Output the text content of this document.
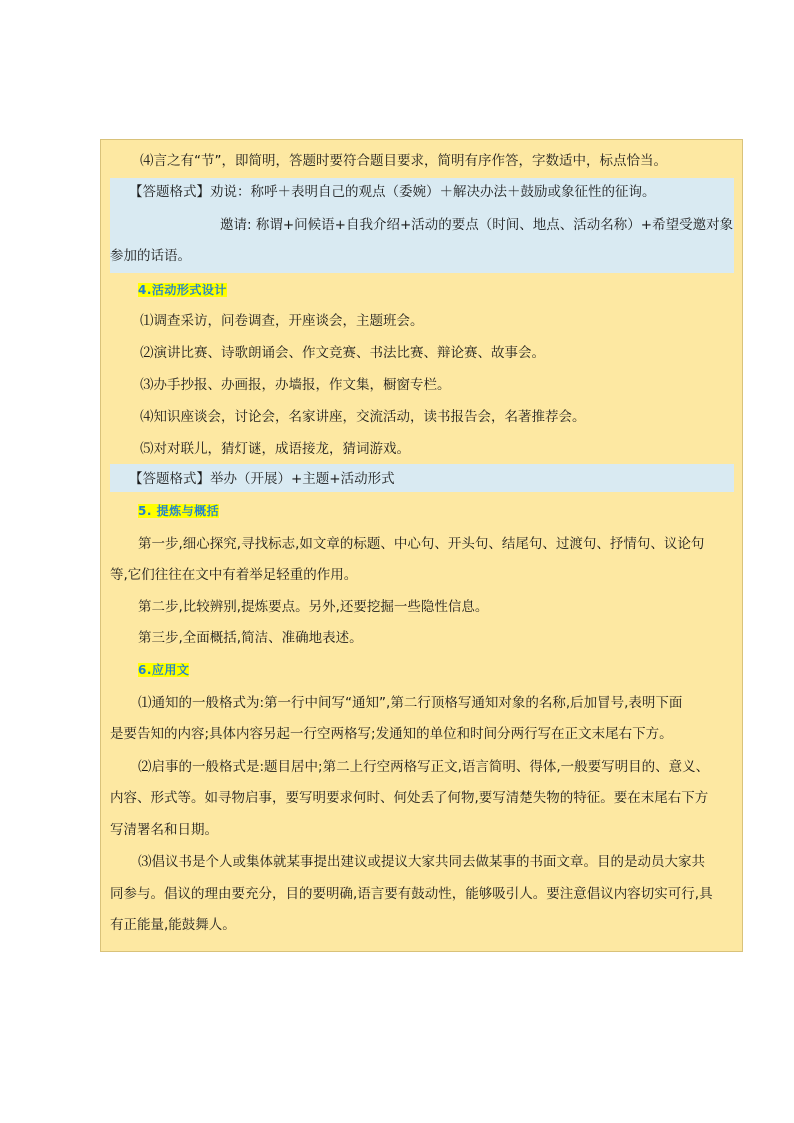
⑷言之有“节”，即简明，答题时要符合题目要求，简明有序作答，字数适中，标点恰当。
【答题格式】劝说：称呼＋表明自己的观点（委婉）＋解决办法＋鼓励或象征性的征询。
邀请: 称谓+问候语+自我介绍+活动的要点（时间、地点、活动名称）+希望受邀对象
参加的话语。
4.活动形式设计
⑴调查采访，问卷调查，开座谈会，主题班会。
⑵演讲比赛、诗歌朗诵会、作文竞赛、书法比赛、辩论赛、故事会。
⑶办手抄报、办画报，办墙报，作文集，橱窗专栏。
⑷知识座谈会，讨论会，名家讲座，交流活动，读书报告会，名著推荐会。
⑸对对联儿，猜灯谜，成语接龙，猜词游戏。
【答题格式】举办（开展）+主题+活动形式
5. 提炼与概括
第一步,细心探究,寻找标志,如文章的标题、中心句、开头句、结尾句、过渡句、抒情句、议论句
等,它们往往在文中有着举足轻重的作用。
第二步,比较辨别,提炼要点。另外,还要挖掘一些隐性信息。
第三步,全面概括,简洁、准确地表述。
6.应用文
⑴通知的一般格式为:第一行中间写“通知”,第二行顶格写通知对象的名称,后加冒号,表明下面
是要告知的内容;具体内容另起一行空两格写;发通知的单位和时间分两行写在正文末尾右下方。
⑵启事的一般格式是:题目居中;第二上行空两格写正文,语言简明、得体,一般要写明目的、意义、
内容、形式等。如寻物启事，要写明要求何时、何处丢了何物,要写清楚失物的特征。要在末尾右下方
写清署名和日期。
⑶倡议书是个人或集体就某事提出建议或提议大家共同去做某事的书面文章。目的是动员大家共
同参与。倡议的理由要充分，目的要明确,语言要有鼓动性，能够吸引人。要注意倡议内容切实可行,具
有正能量,能鼓舞人。
